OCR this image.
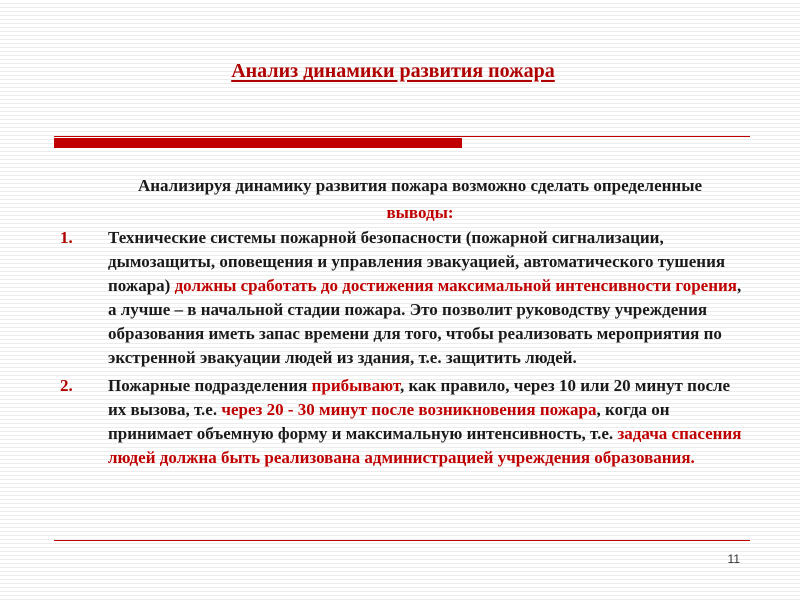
Анализ динамики развития пожара
Анализируя динамику развития пожара возможно сделать определенные выводы:
1. Технические системы пожарной безопасности (пожарной сигнализации, дымозащиты, оповещения и управления эвакуацией, автоматического тушения пожара) должны сработать до достижения максимальной интенсивности горения, а лучше – в начальной стадии пожара. Это позволит руководству учреждения образования иметь запас времени для того, чтобы реализовать мероприятия по экстренной эвакуации людей из здания, т.е. защитить людей.
2. Пожарные подразделения прибывают, как правило, через 10 или 20 минут после их вызова, т.е. через 20 - 30 минут после возникновения пожара, когда он принимает объемную форму и максимальную интенсивность, т.е. задача спасения людей должна быть реализована администрацией учреждения образования.
11
